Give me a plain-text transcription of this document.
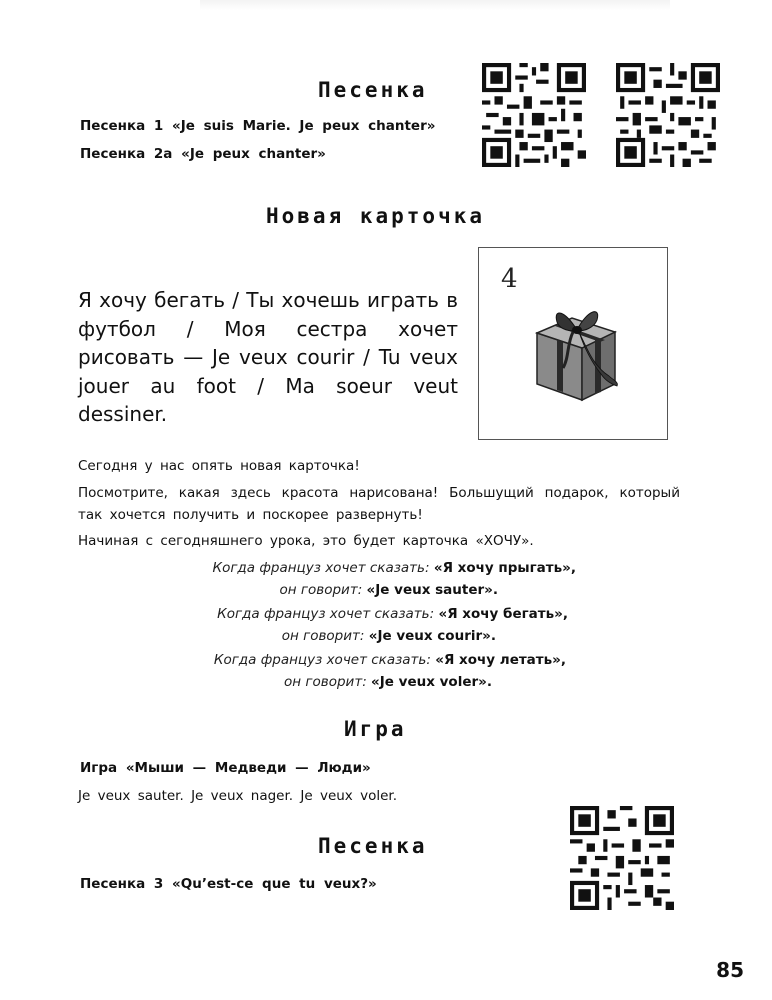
Песенка
Песенка 1 «Je suis Marie. Je peux chanter»
Песенка 2a «Je peux chanter»
Новая карточка
Я хочу бегать / Ты хочешь играть в футбол / Моя сестра хочет рисовать — Je veux courir / Tu veux jouer au foot / Ma soeur veut dessiner.
4
Сегодня у нас опять новая карточка!
Посмотрите, какая здесь красота нарисована! Большущий подарок, который так хочется получить и поскорее развернуть!
Начиная с сегодняшнего урока, это будет карточка «ХОЧУ».
Когда француз хочет сказать: «Я хочу прыгать»,
он говорит: «Je veux sauter».
Когда француз хочет сказать: «Я хочу бегать»,
он говорит: «Je veux courir».
Когда француз хочет сказать: «Я хочу летать»,
он говорит: «Je veux voler».
Игра
Игра «Мыши — Медведи — Люди»
Je veux sauter. Je veux nager. Je veux voler.
Песенка
Песенка 3 «Qu’est-ce que tu veux?»
85
